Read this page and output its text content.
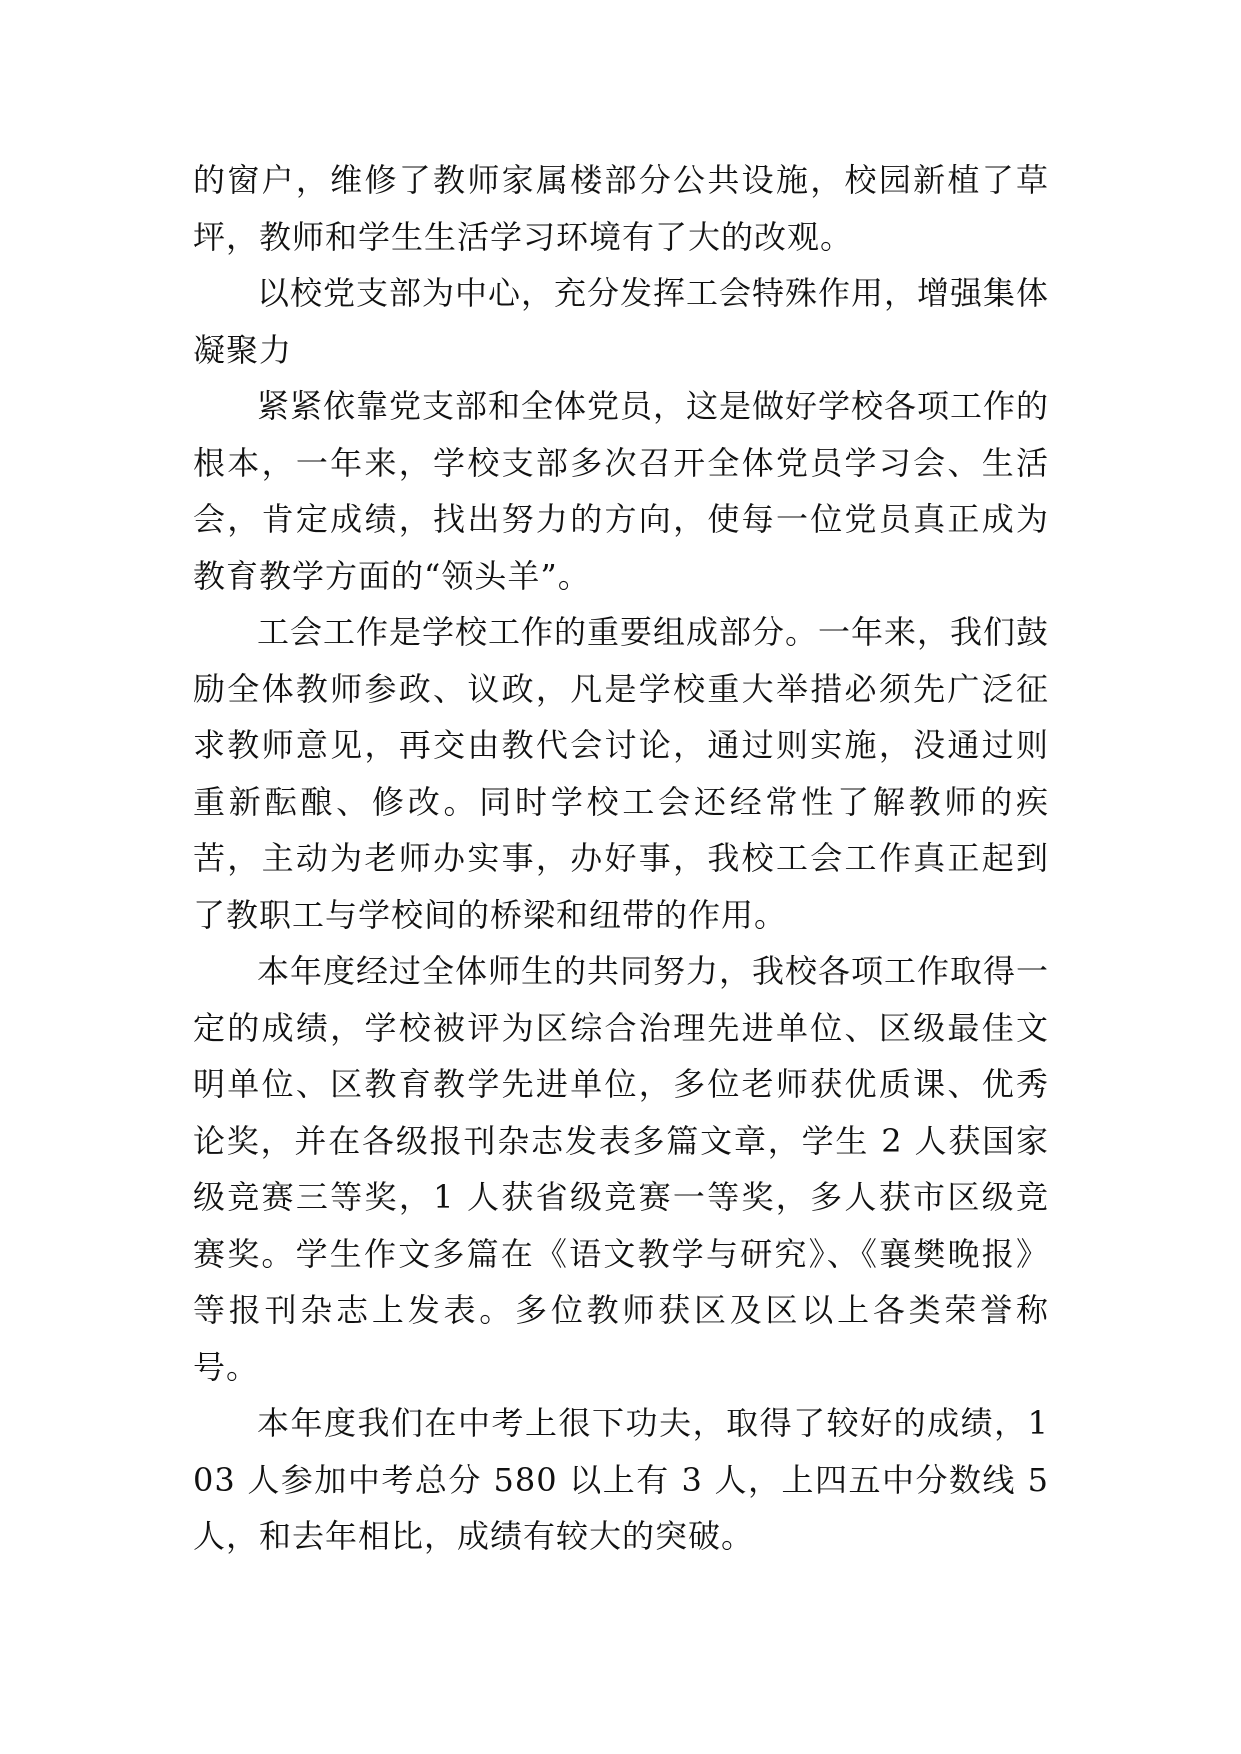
的窗户，维修了教师家属楼部分公共设施，校园新植了草坪，教师和学生生活学习环境有了大的改观。

以校党支部为中心，充分发挥工会特殊作用，增强集体凝聚力

紧紧依靠党支部和全体党员，这是做好学校各项工作的根本，一年来，学校支部多次召开全体党员学习会、生活会，肯定成绩，找出努力的方向，使每一位党员真正成为教育教学方面的“领头羊”。

工会工作是学校工作的重要组成部分。一年来，我们鼓励全体教师参政、议政，凡是学校重大举措必须先广泛征求教师意见，再交由教代会讨论，通过则实施，没通过则重新酝酿、修改。同时学校工会还经常性了解教师的疾苦，主动为老师办实事，办好事，我校工会工作真正起到了教职工与学校间的桥梁和纽带的作用。

本年度经过全体师生的共同努力，我校各项工作取得一定的成绩，学校被评为区综合治理先进单位、区级最佳文明单位、区教育教学先进单位，多位老师获优质课、优秀论奖，并在各级报刊杂志发表多篇文章，学生 2 人获国家级竞赛三等奖，1 人获省级竞赛一等奖，多人获市区级竞赛奖。学生作文多篇在《语文教学与研究》、《襄樊晚报》等报刊杂志上发表。多位教师获区及区以上各类荣誉称号。

本年度我们在中考上很下功夫，取得了较好的成绩，103 人参加中考总分 580 以上有 3 人，上四五中分数线 5 人，和去年相比，成绩有较大的突破。
